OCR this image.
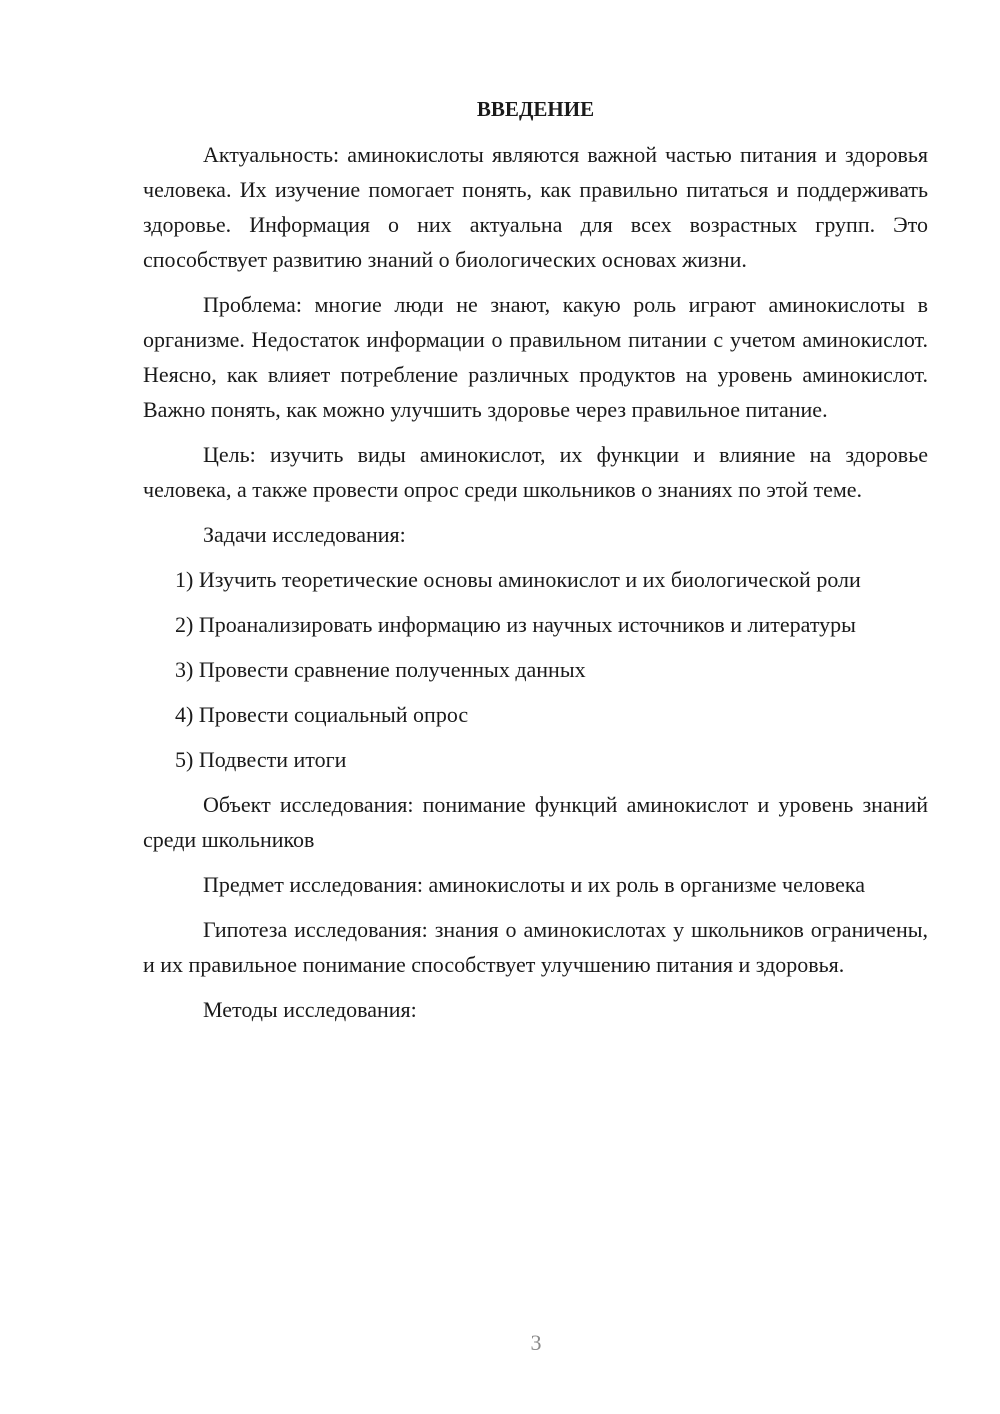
ВВЕДЕНИЕ

Актуальность: аминокислоты являются важной частью питания и здоровья человека. Их изучение помогает понять, как правильно питаться и поддерживать здоровье. Информация о них актуальна для всех возрастных групп. Это способствует развитию знаний о биологических основах жизни.

Проблема: многие люди не знают, какую роль играют аминокислоты в организме. Недостаток информации о правильном питании с учетом аминокислот. Неясно, как влияет потребление различных продуктов на уровень аминокислот. Важно понять, как можно улучшить здоровье через правильное питание.

Цель: изучить виды аминокислот, их функции и влияние на здоровье человека, а также провести опрос среди школьников о знаниях по этой теме.

Задачи исследования:

1) Изучить теоретические основы аминокислот и их биологической роли

2) Проанализировать информацию из научных источников и литературы

3) Провести сравнение полученных данных

4) Провести социальный опрос

5) Подвести итоги

Объект исследования: понимание функций аминокислот и уровень знаний среди школьников

Предмет исследования: аминокислоты и их роль в организме человека

Гипотеза исследования: знания о аминокислотах у школьников ограничены, и их правильное понимание способствует улучшению питания и здоровья.

Методы исследования:

3
